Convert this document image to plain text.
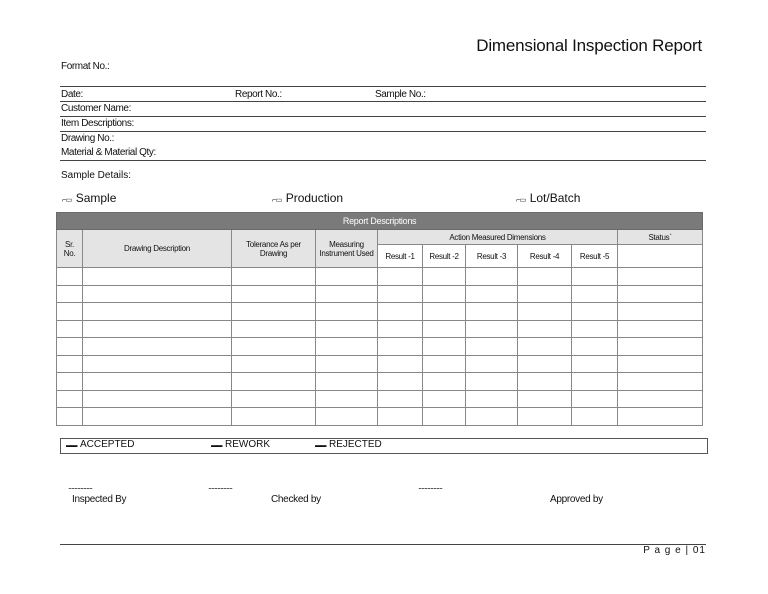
Dimensional Inspection Report
Format No.:
Date:	Report No.:	Sample No.:
Customer Name:
Item Descriptions:
Drawing No.:
Material & Material Qty:
Sample Details:
⌐▭ Sample	⌐▭ Production	⌐▭ Lot/Batch
Report Descriptions									
Sr.
No.	Drawing Description	Tolerance As per Drawing	Measuring Instrument Used	Action Measured Dimensions					Status`
				Result -1	Result -2	Result -3	Result -4	Result -5	

▬▬ ACCEPTED	▬▬ REWORK	▬▬ REJECTED
................	................	................
Inspected By	Checked by	Approved by
P a g e | 01
